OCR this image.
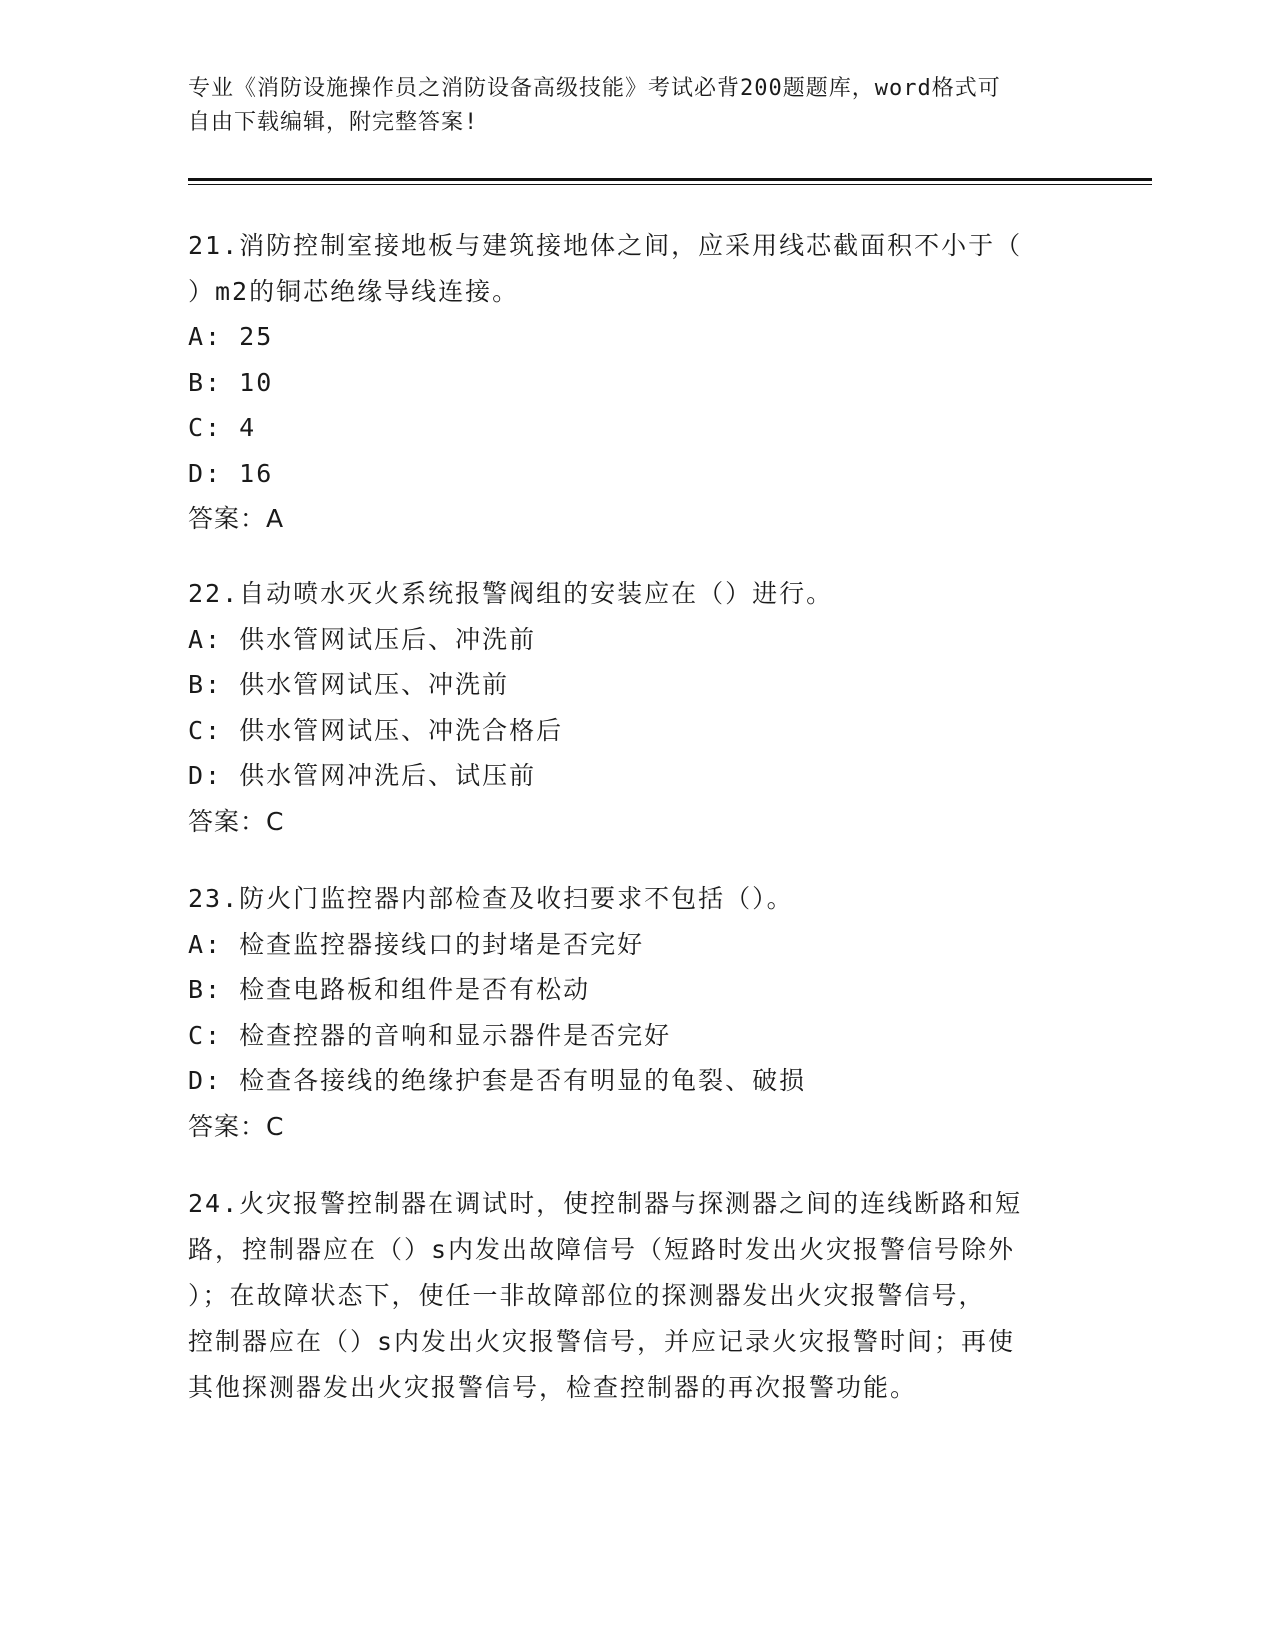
专业《消防设施操作员之消防设备高级技能》考试必背200题题库，word格式可
自由下载编辑，附完整答案!
21.消防控制室接地板与建筑接地体之间，应采用线芯截面积不小于（
）m2的铜芯绝缘导线连接。
A: 25
B: 10
C: 4
D: 16
答案：A
22.自动喷水灭火系统报警阀组的安装应在（）进行。
A: 供水管网试压后、冲洗前
B: 供水管网试压、冲洗前
C: 供水管网试压、冲洗合格后
D: 供水管网冲洗后、试压前
答案：C
23.防火门监控器内部检查及收扫要求不包括（）。
A: 检查监控器接线口的封堵是否完好
B: 检查电路板和组件是否有松动
C: 检查控器的音响和显示器件是否完好
D: 检查各接线的绝缘护套是否有明显的龟裂、破损
答案：C
24.火灾报警控制器在调试时，使控制器与探测器之间的连线断路和短
路，控制器应在（）s内发出故障信号（短路时发出火灾报警信号除外
）；在故障状态下，使任一非故障部位的探测器发出火灾报警信号，
控制器应在（）s内发出火灾报警信号，并应记录火灾报警时间；再使
其他探测器发出火灾报警信号，检查控制器的再次报警功能。
